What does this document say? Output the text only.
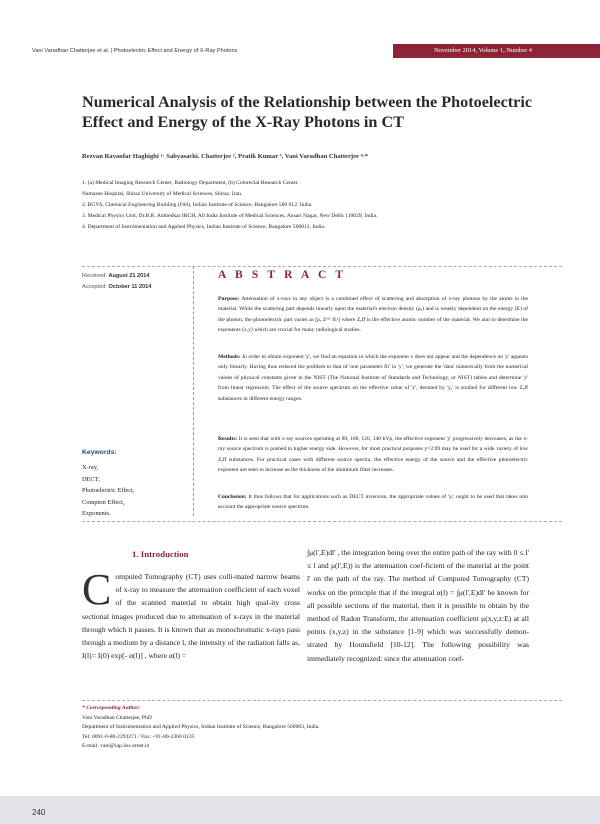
Vani Varadhan Chatterjee et al. | Photoelectric Effect and Energy of X-Ray Photons	November 2014, Volume 1, Number 4
Numerical Analysis of the Relationship between the Photoelectric Effect and Energy of the X-Ray Photons in CT
Rezvan Ravanfar Haghighi ¹· Sabyasachi. Chatterjee ², Pratik Kumar ³, Vani Varadhan Chatterjee ⁴·*
1. (a) Medical Imaging Research Center, Radiology Department, (b) Colorectal Research Center.
Namazee Hospital, Shiraz University of Medical Sciences, Shiraz, Iran.
2. BGVS, Chemical Engineering Building (Old), Indian Institute of Science, Bangalore 560 012. India.
3. Medical Physics Unit, Dr.B.R. Ambedkar IRCH, All India Institute of Medical Sciences, Ansari Nagar, New Delhi 110029, India.
4. Department of Instrumentation and Applied Physics, Indian Institute of Science, Bangalore 560012, India.
Received: August 21 2014
Accepted: October 11 2014
A B S T R A C T
Purpose: Attenuation of x-rays in any object is a combined effect of scattering and absorption of x-ray photons by the atoms in the material. While the scattering part depends linearly upon the material's electron density (ρₑ) and is weakly dependent on the energy (E) of the photon, the photoelectric part varies as [ρₑ Zᵉᶠᶠ /Eʸ] where Zₑff is the effective atomic number of the material. We aim to determine the exponents (x,y) which are crucial for many radiological studies.
Methods: In order to obtain exponent 'y', we find an equation in which the exponent x does not appear and the dependence on 'y' appears only linearly. Having thus reduced the problem to that of 'one parameter fit' in 'y', we generate the 'data' numerically from the numerical values of physical constants given in the NIST (The National Institute of Standards and Technology, or NIST) tables and determine 'y' from linear regression. The effect of the source spectrum on the effective value of 'y', denoted by 'yₑ' is studied for different low Zₑff substances in different energy ranges.
Results: It is seen that with x-ray sources operating at 80, 100, 120, 140 kVp, the effective exponent 'y' progressively decreases, as the x-ray source spectrum is pushed to higher energy side. However, for most practical purposes y=2.99 may be used for a wide variety of low Zₑff substances. For practical cases with different source spectra, the effective energy of the source and the effective photoelectric exponent are seen to increase as the thickness of the aluminum filter increases.
Conclusion: It thus follows that for applications such as DECT inversion, the appropriate values of 'yₑ' ought to be used that takes into account the appropriate source spectrum.
Keywords:
X-ray,
DECT,
Photoelectric Effect,
Compton Effect,
Exponents.
1. Introduction
Computed Tomography (CT) uses colli-mated narrow beams of x-ray to measure the attenuation coefficient of each voxel of the scanned material to obtain high qual-ity cross sectional images produced due to attenuation of x-rays in the material through which it passes. It is known that as monochromatic x-rays pass through a medium by a distance l, the intensity of the radiation falls as, I(l)= I(0) exp[- α(l)] , where α(l) =
∫μ(l',E)dl' , the integration being over the entire path of the ray with 0 ≤ l' ≤ l and μ(l',E)) is the attenuation coef-ficient of the material at the point l' on the path of the ray. The method of Computed Tomography (CT) works on the principle that if the integral α(l) = ∫μ(l',E)dl' be known for all possible sections of the material, then it is possible to obtain by the method of Radon Transform, the attenuation coefficient μ(x,y,z:E) at all points (x,y,z) in the substance [1-9] which was successfully demon-strated by Hounsfield [10-12]. The following possibility was immediately recognized: since the attenuation coef-
* Corresponding Author:
Vani Varadhan Chatterjee, PhD
Department of Instrumentation and Applied Physics, Indian Institute of Science, Bangalore 560003, India.
Tel: 0091-0-80-2293271 / Fax: +91-80-2360 0135
E-mail: vani@iap.iisc.ernet.in
240
